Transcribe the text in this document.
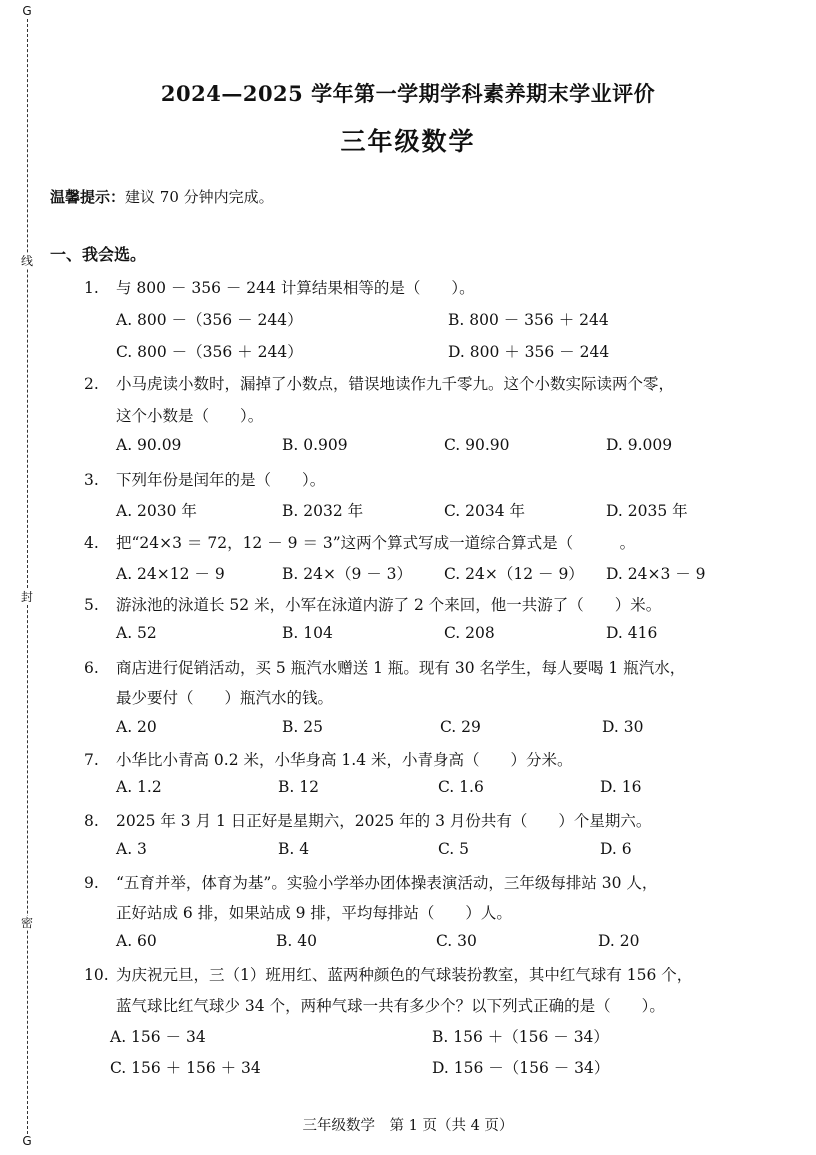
G
线
封
密
G
2024—2025 学年第一学期学科素养期末学业评价
三年级数学
温馨提示：建议 70 分钟内完成。
一、我会选。
1. 与 800 － 356 － 244 计算结果相等的是（　　）。
A. 800 －（356 － 244）	B. 800 － 356 ＋ 244
C. 800 －（356 ＋ 244）	D. 800 ＋ 356 － 244
2. 小马虎读小数时，漏掉了小数点，错误地读作九千零九。这个小数实际读两个零，
这个小数是（　　）。
A. 90.09	B. 0.909	C. 90.90	D. 9.009
3. 下列年份是闰年的是（　　）。
A. 2030 年	B. 2032 年	C. 2034 年	D. 2035 年
4. 把“24×3 ＝ 72，12 － 9 ＝ 3”这两个算式写成一道综合算式是（　　　。
A. 24×12 － 9	B. 24×（9 － 3） C. 24×（12 － 9） D. 24×3 － 9
5. 游泳池的泳道长 52 米，小军在泳道内游了 2 个来回，他一共游了（　　）米。
A. 52	B. 104	C. 208	D. 416
6. 商店进行促销活动，买 5 瓶汽水赠送 1 瓶。现有 30 名学生，每人要喝 1 瓶汽水，
最少要付（　　）瓶汽水的钱。
A. 20	B. 25	C. 29	D. 30
7. 小华比小青高 0.2 米，小华身高 1.4 米，小青身高（　　）分米。
A. 1.2	B. 12	C. 1.6	D. 16
8. 2025 年 3 月 1 日正好是星期六，2025 年的 3 月份共有（　　）个星期六。
A. 3	B. 4	C. 5	D. 6
9. “五育并举，体育为基”。实验小学举办团体操表演活动，三年级每排站 30 人，
正好站成 6 排，如果站成 9 排，平均每排站（　　）人。
A. 60	B. 40	C. 30	D. 20
10. 为庆祝元旦，三（1）班用红、蓝两种颜色的气球装扮教室，其中红气球有 156 个，
蓝气球比红气球少 34 个，两种气球一共有多少个？以下列式正确的是（　　）。
A. 156 － 34	B. 156 ＋（156 － 34）
C. 156 ＋ 156 ＋ 34	D. 156 －（156 － 34）
三年级数学　第 1 页（共 4 页）
